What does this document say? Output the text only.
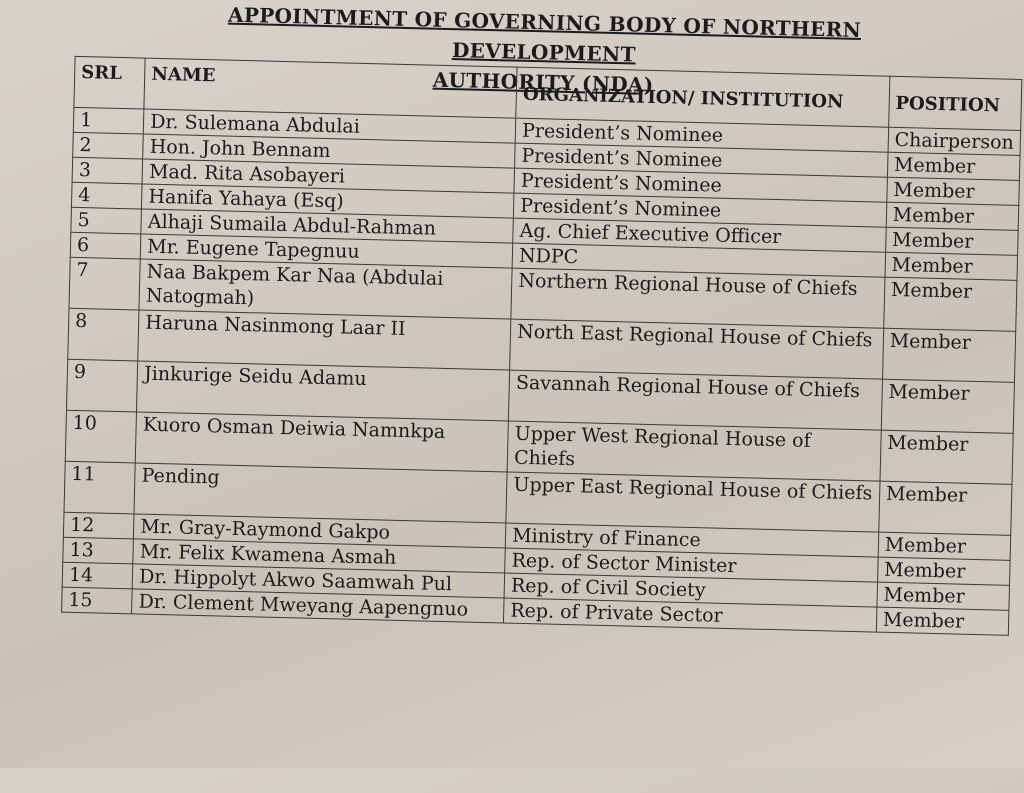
APPOINTMENT OF GOVERNING BODY OF NORTHERN DEVELOPMENT
AUTHORITY (NDA)
SRL	NAME	ORGANIZATION/ INSTITUTION	POSITION
1	Dr. Sulemana Abdulai	President’s Nominee	Chairperson
2	Hon. John Bennam	President’s Nominee	Member
3	Mad. Rita Asobayeri	President’s Nominee	Member
4	Hanifa Yahaya (Esq)	President’s Nominee	Member
5	Alhaji Sumaila Abdul-Rahman	Ag. Chief Executive Officer	Member
6	Mr. Eugene Tapegnuu	NDPC	Member
7	Naa Bakpem Kar Naa (Abdulai Natogmah)	Northern Regional House of Chiefs	Member
8	Haruna Nasinmong Laar II	North East Regional House of Chiefs	Member
9	Jinkurige Seidu Adamu	Savannah Regional House of Chiefs	Member
10	Kuoro Osman Deiwia Namnkpa	Upper West Regional House of Chiefs	Member
11	Pending	Upper East Regional House of Chiefs	Member
12	Mr. Gray-Raymond Gakpo	Ministry of Finance	Member
13	Mr. Felix Kwamena Asmah	Rep. of Sector Minister	Member
14	Dr. Hippolyt Akwo Saamwah Pul	Rep. of Civil Society	Member
15	Dr. Clement Mweyang Aapengnuo	Rep. of Private Sector	Member
